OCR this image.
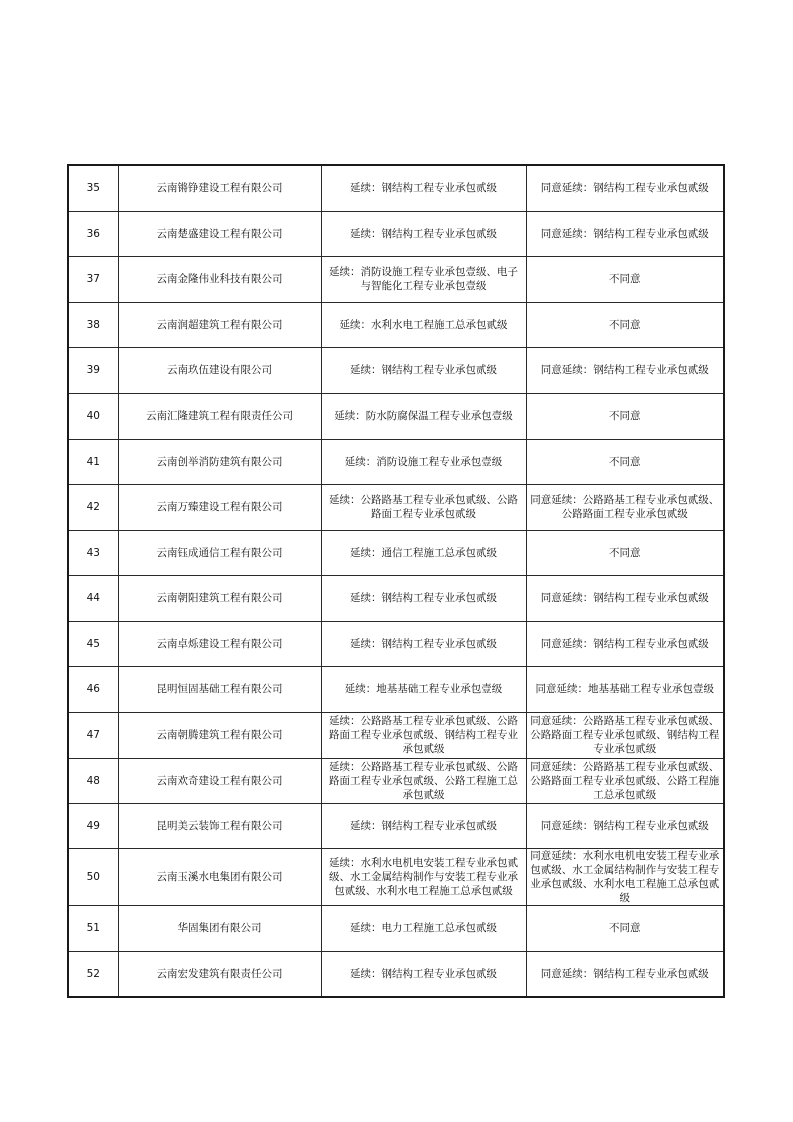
35	云南锵铮建设工程有限公司	延续：钢结构工程专业承包贰级	同意延续：钢结构工程专业承包贰级
36	云南楚盛建设工程有限公司	延续：钢结构工程专业承包贰级	同意延续：钢结构工程专业承包贰级
37	云南金隆伟业科技有限公司	延续：消防设施工程专业承包壹级、电子与智能化工程专业承包壹级	不同意
38	云南润超建筑工程有限公司	延续：水利水电工程施工总承包贰级	不同意
39	云南玖伍建设有限公司	延续：钢结构工程专业承包贰级	同意延续：钢结构工程专业承包贰级
40	云南汇隆建筑工程有限责任公司	延续：防水防腐保温工程专业承包壹级	不同意
41	云南创举消防建筑有限公司	延续：消防设施工程专业承包壹级	不同意
42	云南万臻建设工程有限公司	延续：公路路基工程专业承包贰级、公路路面工程专业承包贰级	同意延续：公路路基工程专业承包贰级、公路路面工程专业承包贰级
43	云南钰成通信工程有限公司	延续：通信工程施工总承包贰级	不同意
44	云南朝阳建筑工程有限公司	延续：钢结构工程专业承包贰级	同意延续：钢结构工程专业承包贰级
45	云南卓烁建设工程有限公司	延续：钢结构工程专业承包贰级	同意延续：钢结构工程专业承包贰级
46	昆明恒固基础工程有限公司	延续：地基基础工程专业承包壹级	同意延续：地基基础工程专业承包壹级
47	云南朝腾建筑工程有限公司	延续：公路路基工程专业承包贰级、公路路面工程专业承包贰级、钢结构工程专业承包贰级	同意延续：公路路基工程专业承包贰级、公路路面工程专业承包贰级、钢结构工程专业承包贰级
48	云南欢奇建设工程有限公司	延续：公路路基工程专业承包贰级、公路路面工程专业承包贰级、公路工程施工总承包贰级	同意延续：公路路基工程专业承包贰级、公路路面工程专业承包贰级、公路工程施工总承包贰级
49	昆明美云装饰工程有限公司	延续：钢结构工程专业承包贰级	同意延续：钢结构工程专业承包贰级
50	云南玉溪水电集团有限公司	延续：水利水电机电安装工程专业承包贰级、水工金属结构制作与安装工程专业承包贰级、水利水电工程施工总承包贰级	同意延续：水利水电机电安装工程专业承包贰级、水工金属结构制作与安装工程专业承包贰级、水利水电工程施工总承包贰级
51	华固集团有限公司	延续：电力工程施工总承包贰级	不同意
52	云南宏发建筑有限责任公司	延续：钢结构工程专业承包贰级	同意延续：钢结构工程专业承包贰级
